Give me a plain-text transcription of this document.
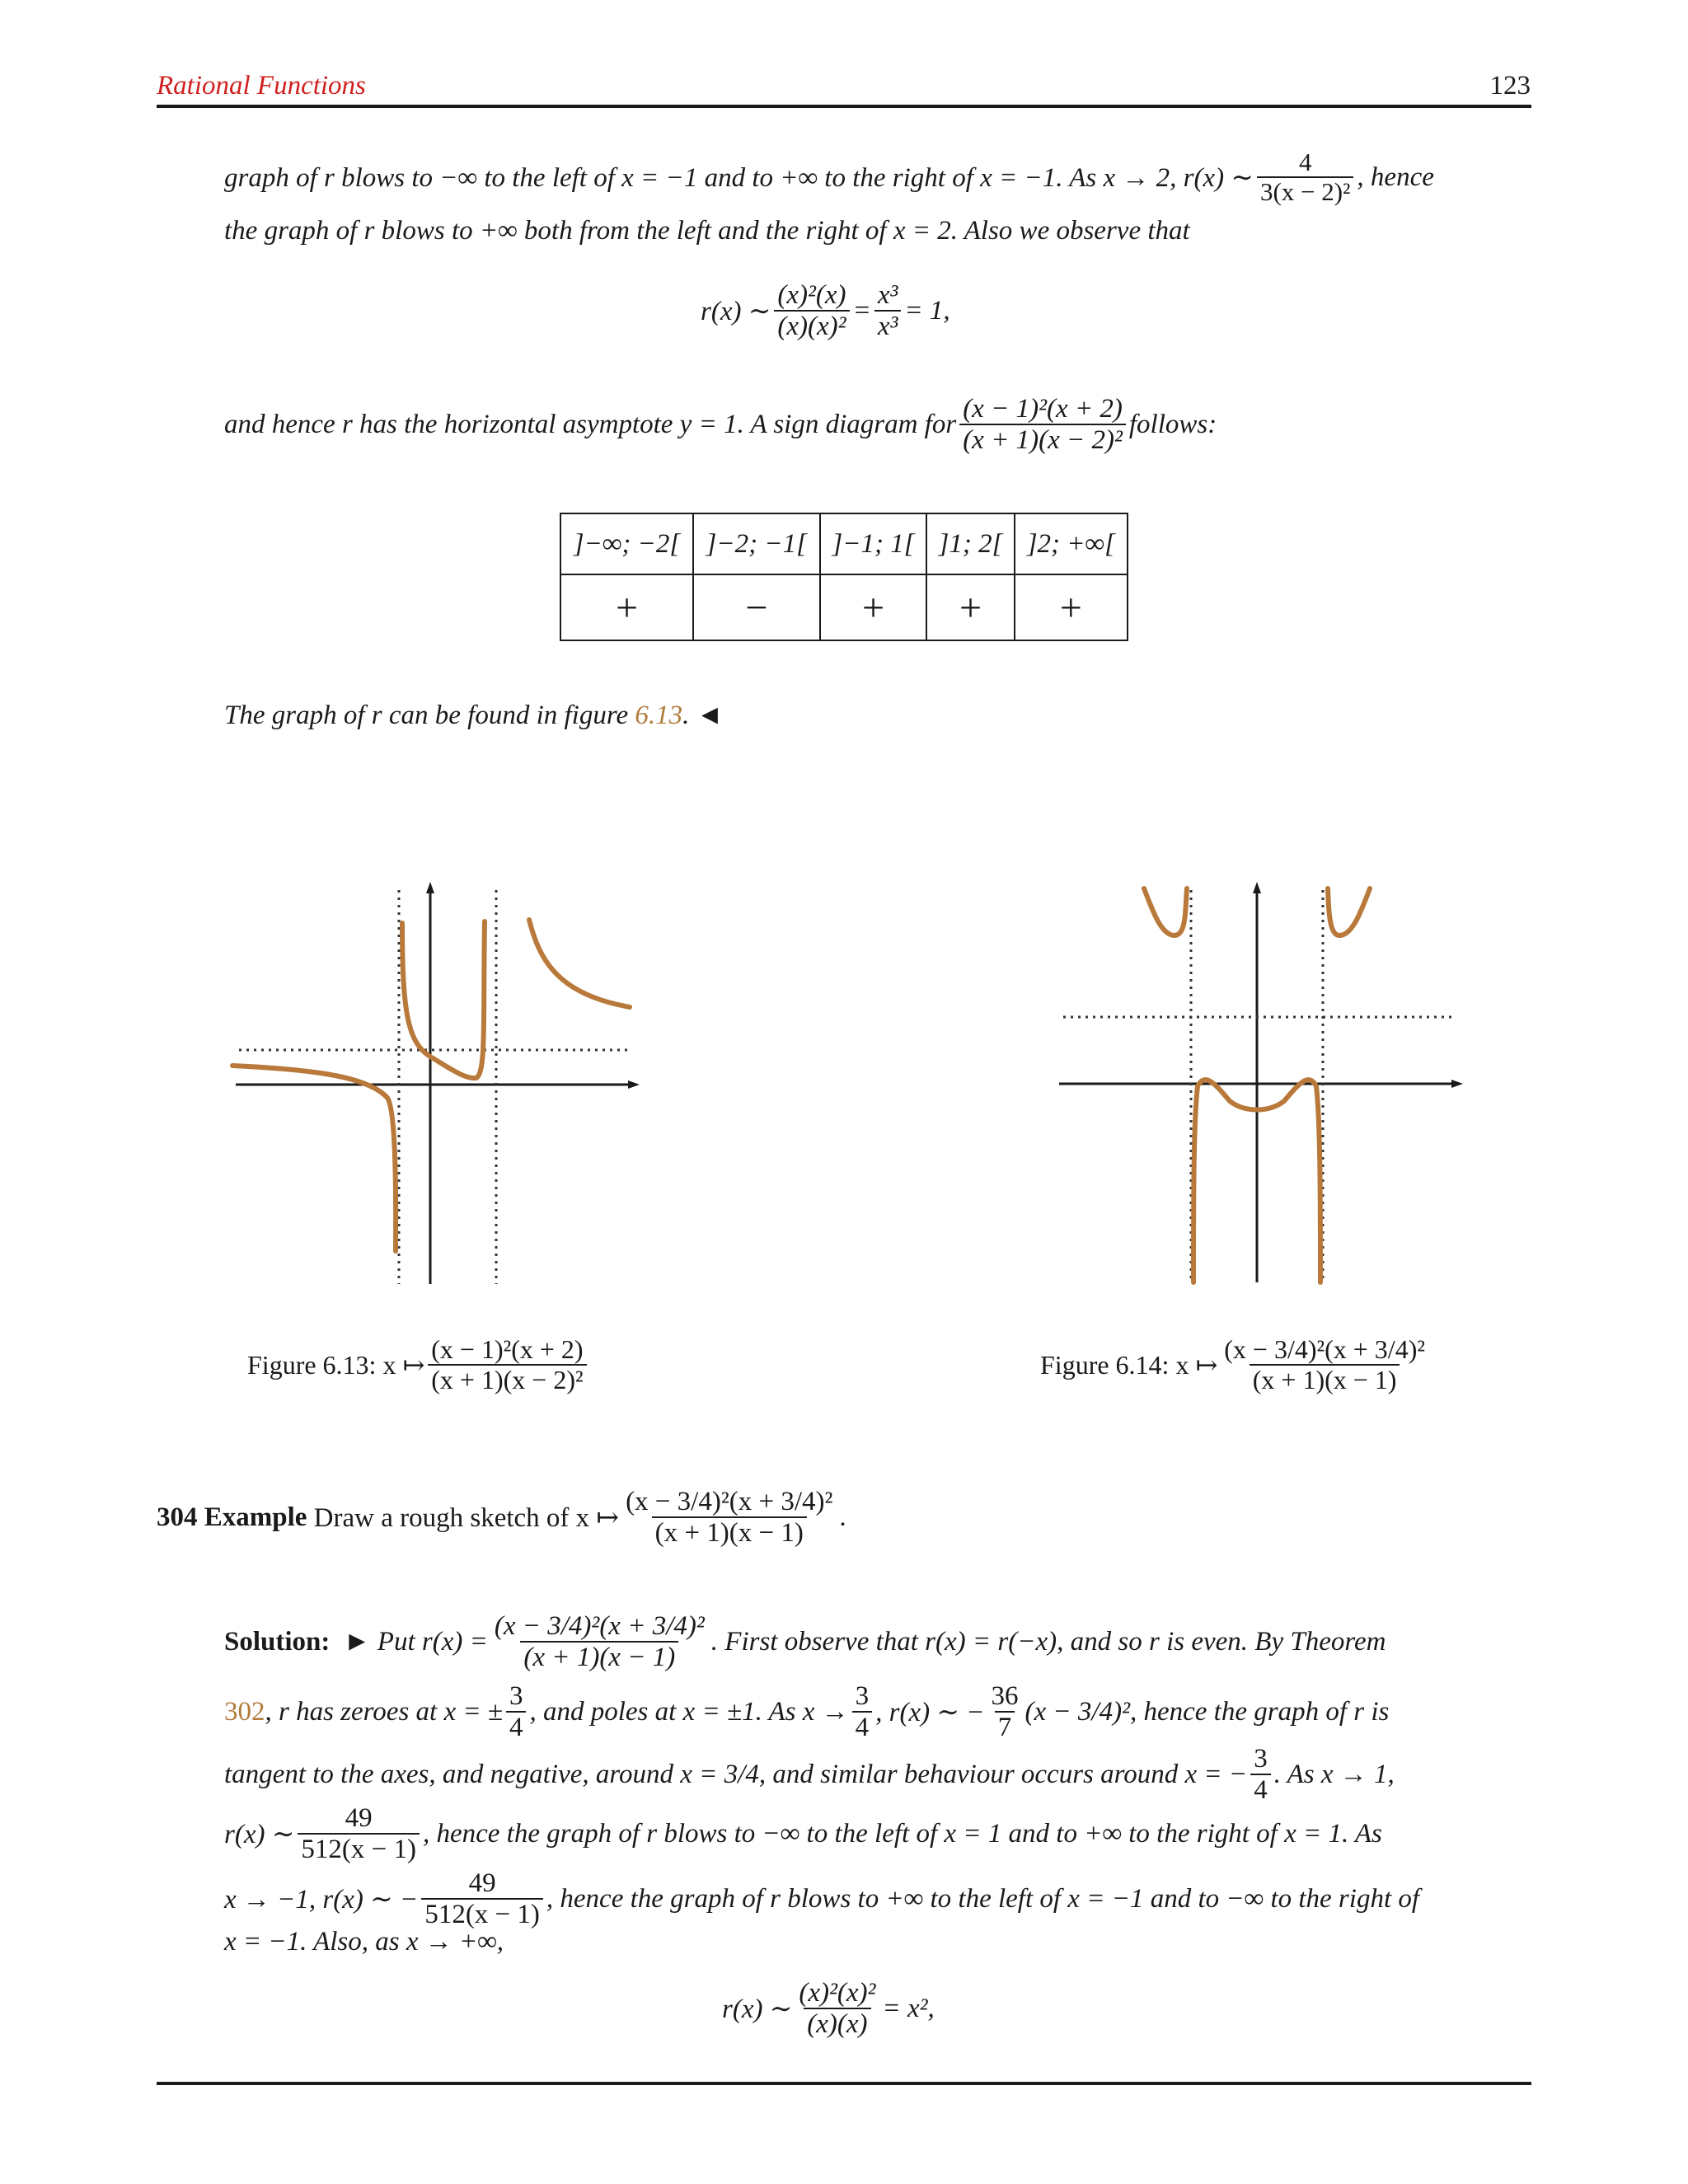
Rational Functions	123
graph of r blows to −∞ to the left of x = −1 and to +∞ to the right of x = −1. As x → 2, r(x) ∼ $\frac{4}{\text{3(x − 2)²}}$ , hence
the graph of r blows to +∞ both from the left and the right of x = 2. Also we observe that
r(x) ∼ $\frac{\text{(x)²(x)}}{\text{(x)(x)²}} = \frac{\text{x³}}{\text{x³}} = 1$,
and hence r has the horizontal asymptote y = 1. A sign diagram for $\frac{\text{(x − 1)²(x + 2)}}{\text{(x + 1)(x − 2)²}}$ follows:
]−∞; −2[	]−2; −1[	]−1; 1[	]1; 2[	]2; +∞[
+	−	+	+	+
The graph of r can be found in figure 6.13. ◄
Figure 6.13: x ↦ $\frac{\text{(x − 1)²(x + 2)}}{\text{(x + 1)(x − 2)²}}$	Figure 6.14: x ↦ $\frac{\text{(x − 3/4)²(x + 3/4)²}}{(x + 1)(x - 1)}$
304
Example
Draw a rough sketch of x ↦ $\frac{\text{(x − 3/4)²(x + 3/4)²}}{(x + 1)(x - 1)}$ .
Solution:
►
Put $r(x) = \frac{\text{(x − 3/4)²(x + 3/4)²}}{(x + 1)(x - 1)}$ . First observe that r(x) = r(−x), and so r is even. By Theorem
302 , r has zeroes at x = ± $\frac{3}{4}$ , and poles at x = ±1. As $x \to \frac{3}{4}$ , r(x) ∼ − $\frac{36}{7} (x - 3/4)^2$, hence the graph of r is
tangent to the axes, and negative, around x = 3/4, and similar behaviour occurs around x = − $\frac{3}{4}$ . As x → 1,
r(x) ∼ $\frac{49}{512(x - 1)}$ , hence the graph of r blows to −∞ to the left of x = 1 and to +∞ to the right of x = 1. As
x → −1, r(x) ∼ − $\frac{49}{512(x - 1)}$ , hence the graph of r blows to +∞ to the left of x = −1 and to −∞ to the right of
x = −1. Also, as x → +∞,
r(x) ∼ $\frac{\text{(x)²(x)²}}{(x)(x)} = x^2$,
